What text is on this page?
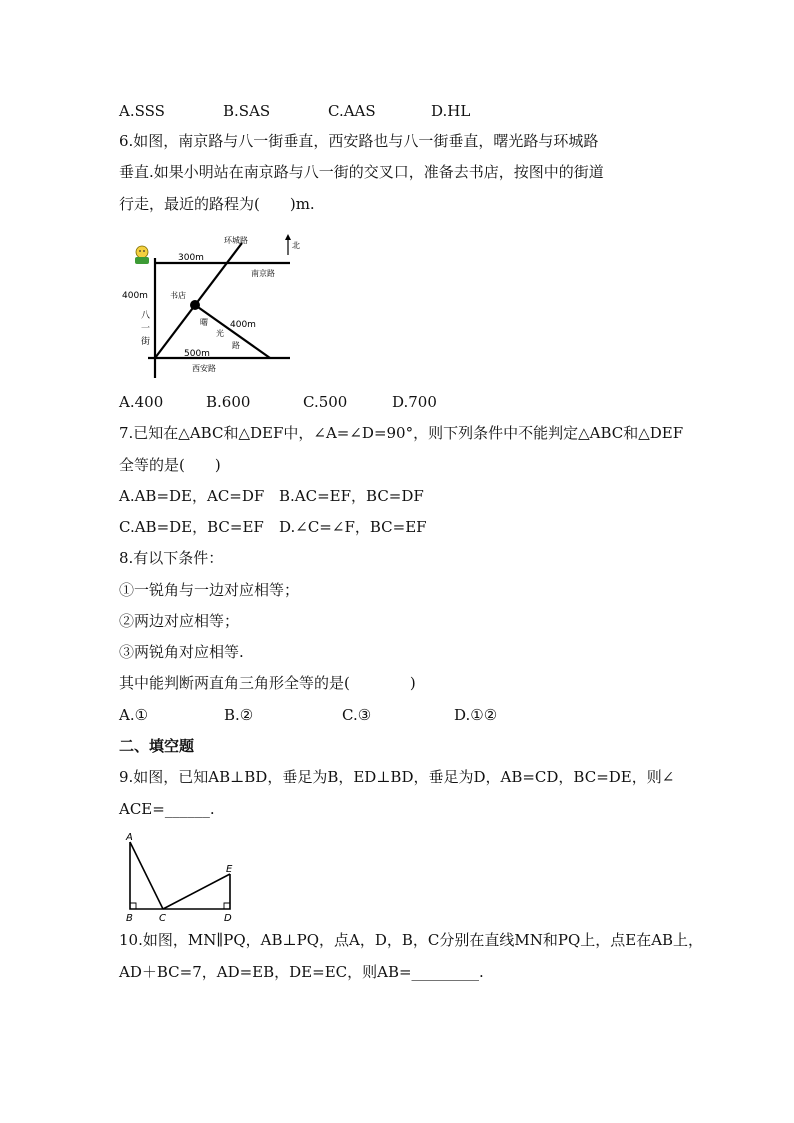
A.SSS	B.SAS	C.AAS	D.HL
6.如图，南京路与八一街垂直，西安路也与八一街垂直，曙光路与环城路
垂直.如果小明站在南京路与八一街的交叉口，准备去书店，按图中的街道
行走，最近的路程为(　　)m.
环城路
北
300m
南京路
400m	书店
曙
光
路
400m
八
一
街
500m
西安路
A.400	B.600	C.500	D.700
7.已知在△ABC和△DEF中，∠A=∠D=90°，则下列条件中不能判定△ABC和△DEF
全等的是(　　)
A.AB=DE，AC=DF B.AC=EF，BC=DF
C.AB=DE，BC=EF D.∠C=∠F，BC=EF
8.有以下条件：
①一锐角与一边对应相等；
②两边对应相等；
③两锐角对应相等.
其中能判断两直角三角形全等的是(　　　　)
A.①	B.②	C.③	D.①②
二、填空题
9.如图，已知AB⊥BD，垂足为B，ED⊥BD，垂足为D，AB=CD，BC=DE，则∠
ACE=______.
A
B	C	D
E
10.如图，MN∥PQ，AB⊥PQ，点A，D，B，C分别在直线MN和PQ上，点E在AB上，
AD＋BC=7，AD=EB，DE=EC，则AB=_________.
